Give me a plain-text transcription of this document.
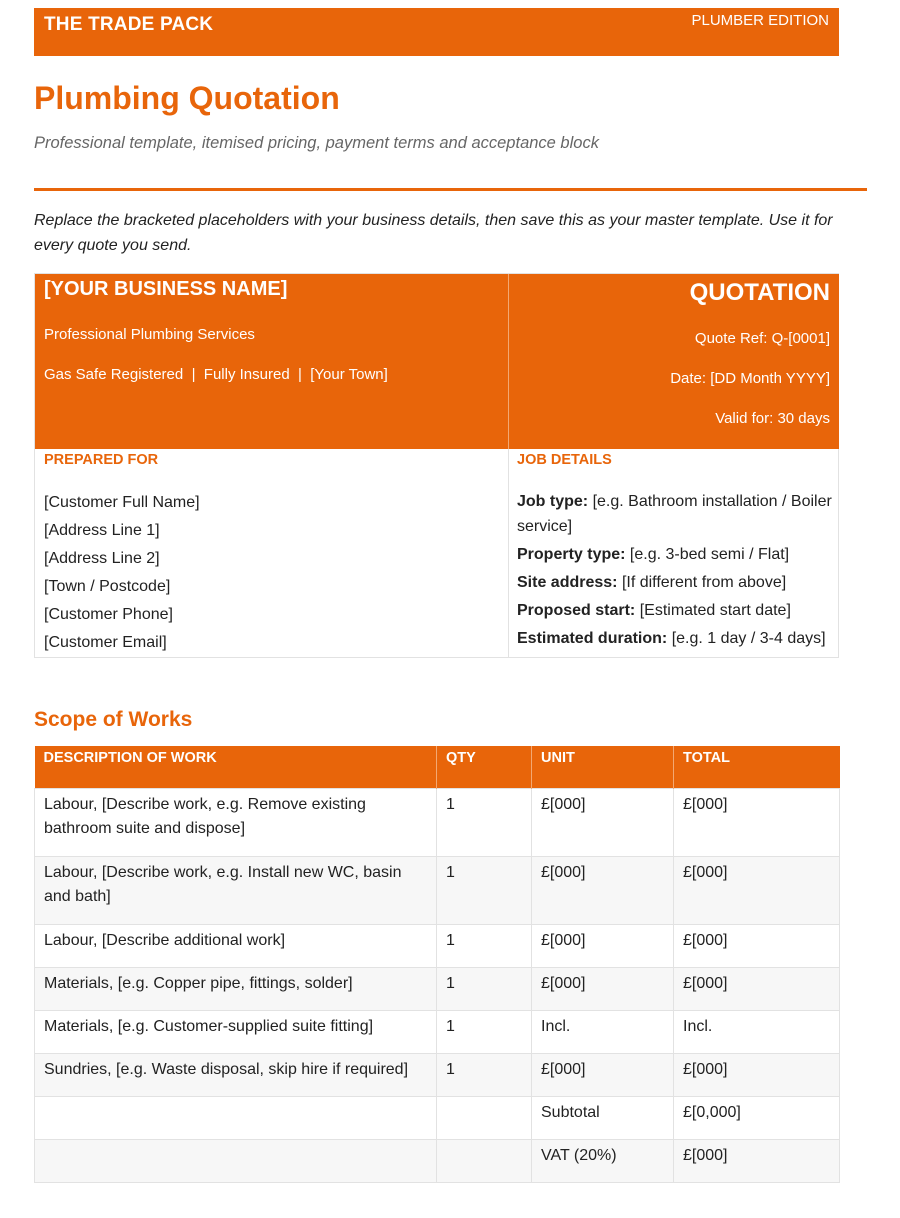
THE TRADE PACK	PLUMBER EDITION
Plumbing Quotation

Professional template, itemised pricing, payment terms and acceptance block

Replace the bracketed placeholders with your business details, then save this as your master template. Use it for every quote you send.

[YOUR BUSINESS NAME]
Professional Plumbing Services
Gas Safe Registered  |  Fully Insured  |  [Your Town]
QUOTATION
Quote Ref: Q-[0001]
Date: [DD Month YYYY]
Valid for: 30 days
PREPARED FOR
[Customer Full Name]
[Address Line 1]
[Address Line 2]
[Town / Postcode]
[Customer Phone]
[Customer Email]
JOB DETAILS
Job type: [e.g. Bathroom installation / Boiler service]
Property type: [e.g. 3-bed semi / Flat]
Site address: [If different from above]
Proposed start: [Estimated start date]
Estimated duration: [e.g. 1 day / 3-4 days]
Scope of Works
DESCRIPTION OF WORK	QTY	UNIT	TOTAL
Labour, [Describe work, e.g. Remove existing bathroom suite and dispose]	1	£[000]	£[000]
Labour, [Describe work, e.g. Install new WC, basin and bath]	1	£[000]	£[000]
Labour, [Describe additional work]	1	£[000]	£[000]
Materials, [e.g. Copper pipe, fittings, solder]	1	£[000]	£[000]
Materials, [e.g. Customer-supplied suite fitting]	1	Incl.	Incl.
Sundries, [e.g. Waste disposal, skip hire if required]	1	£[000]	£[000]
		Subtotal	£[0,000]
		VAT (20%)	£[000]
